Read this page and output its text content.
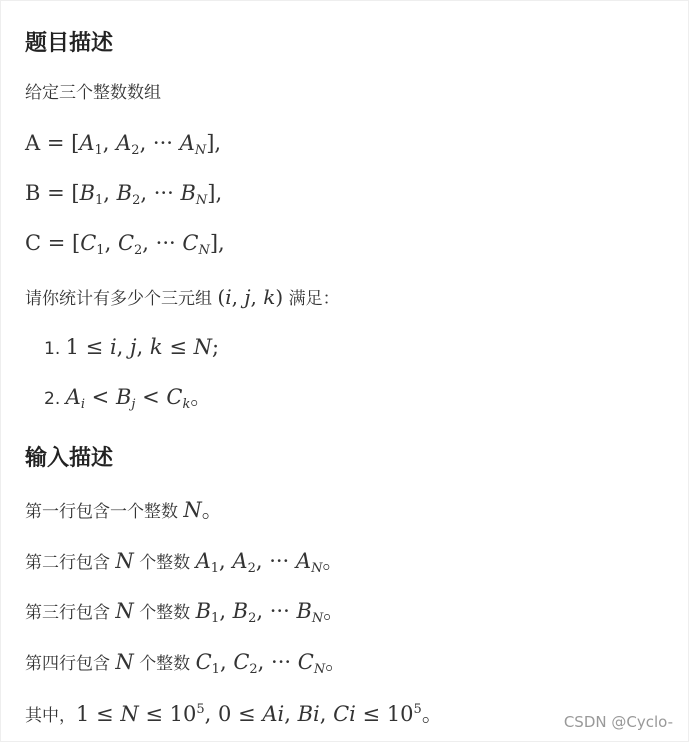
题目描述
给定三个整数数组
$A = [A_1$, $A_2$, ··· $A_N$],
$B = [B_1$, $B_2$, ··· $B_N$],
$C = [C_1$, $C_2$, ··· $C_N$],
请你统计有多少个三元组 (i, j, k) 满足：
1. 1 ≤ i, j, k ≤ N;
2. $A_i < B_j < C_k$。
输入描述
第一行包含一个整数 N。
第二行包含 N 个整数 $A_1$, $A_2$, ··· $A_N$。
第三行包含 N 个整数 $B_1$, $B_2$, ··· $B_N$。
第四行包含 N 个整数 $C_1$, $C_2$, ··· $C_N$。
其中，$1 \le N \le 10^5$, 0 ≤ Ai, Bi, $Ci \le 10^5$。	CSDN @Cyclo-
